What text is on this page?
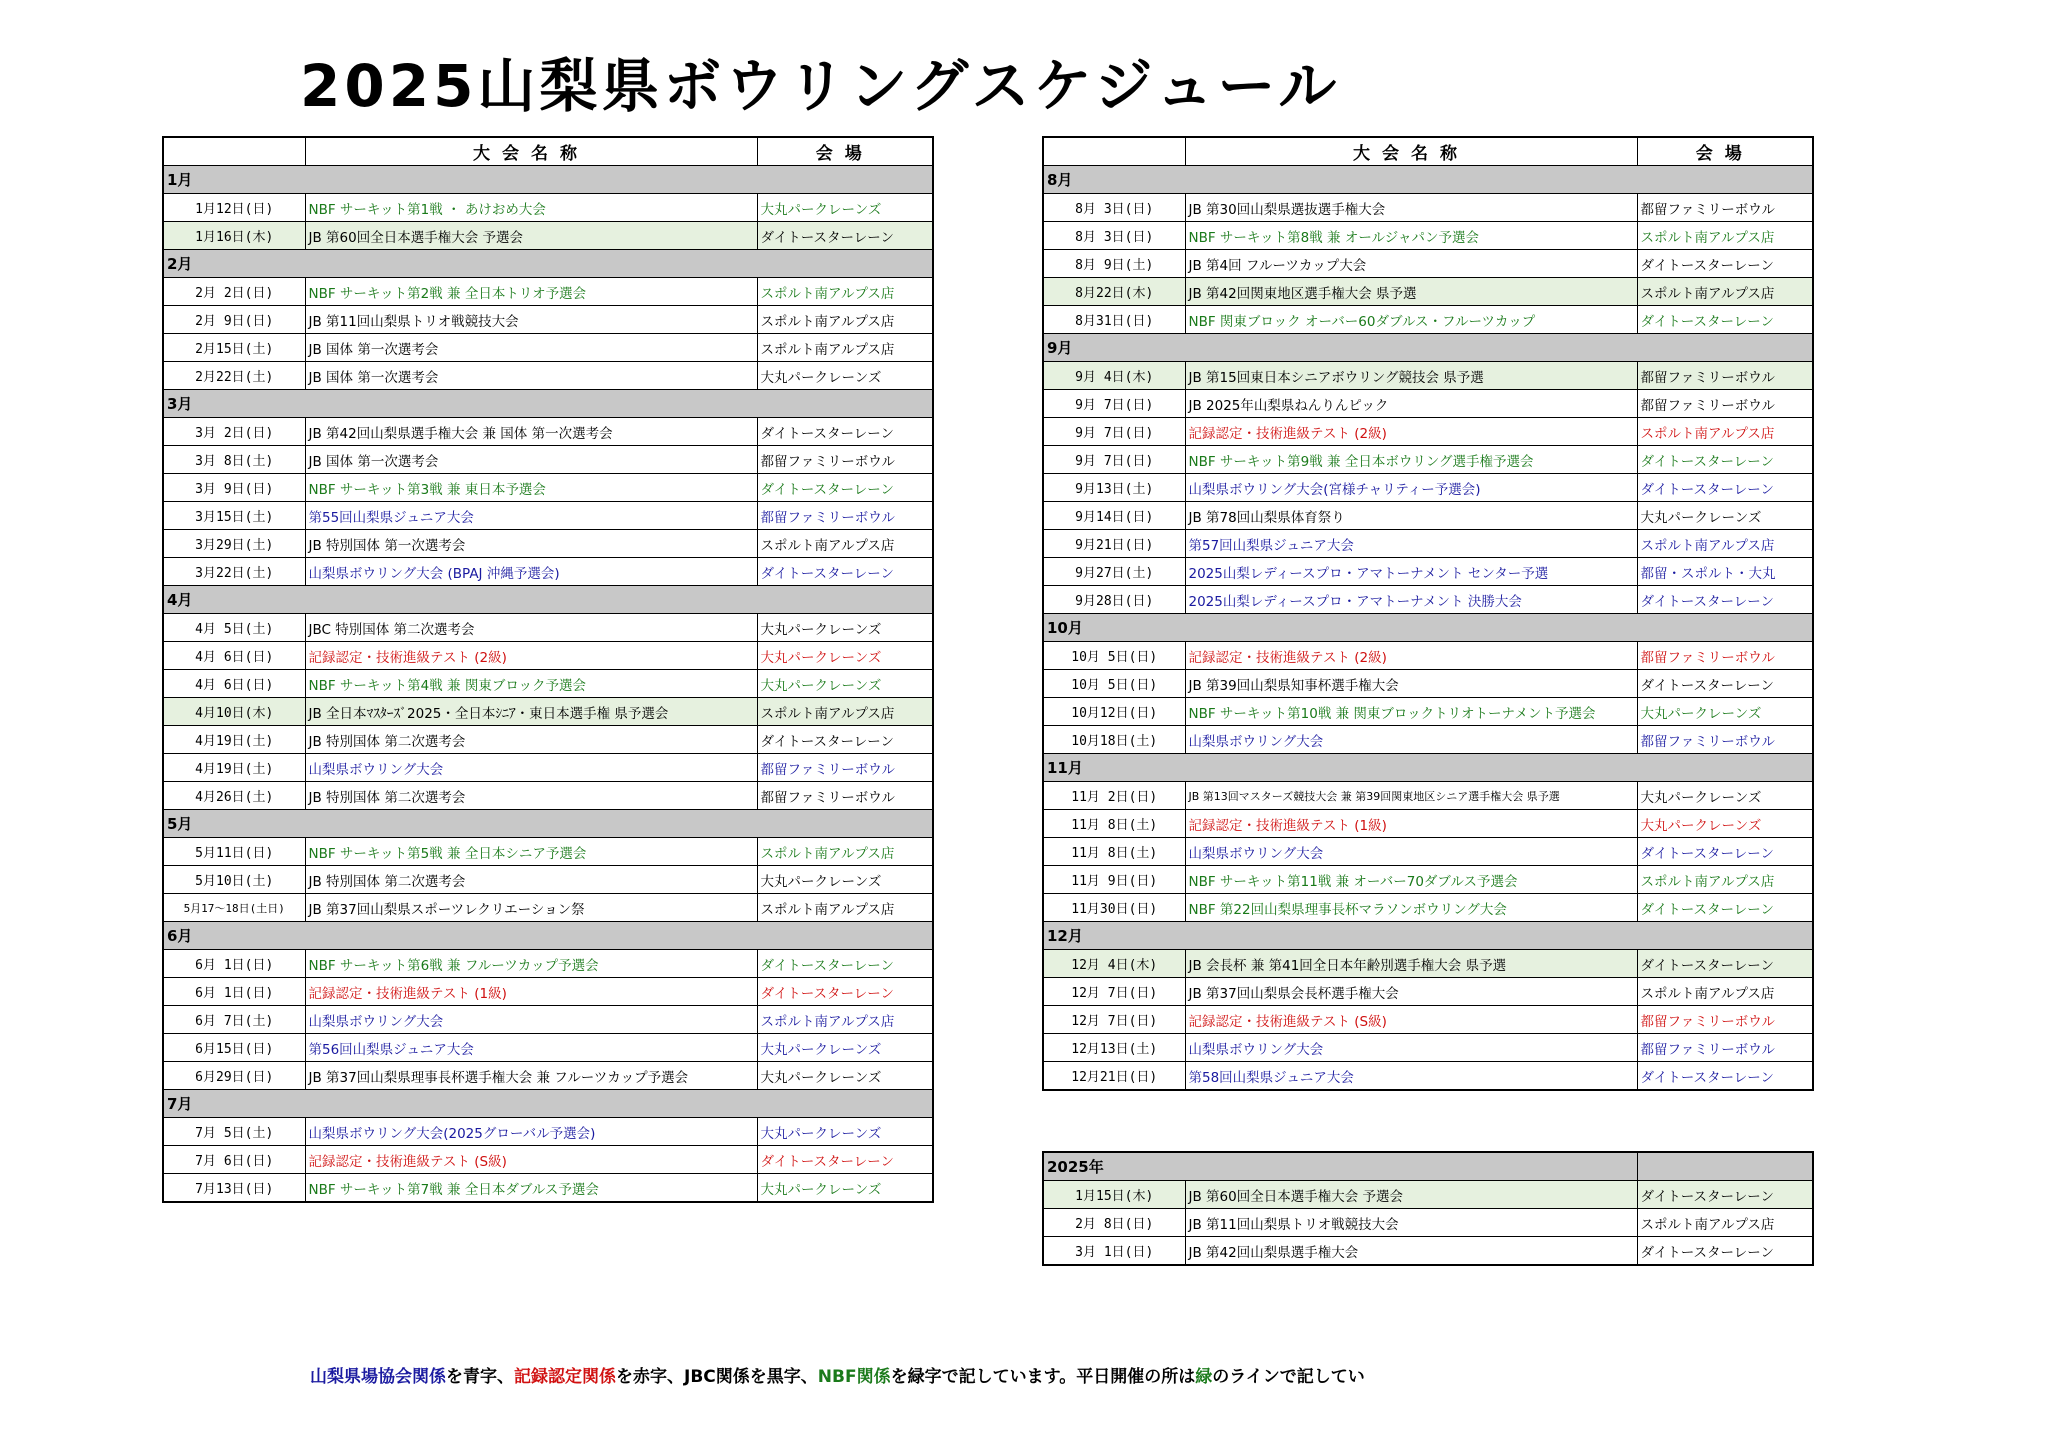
2025山梨県ボウリングスケジュール
	大会名称	会場
1月		
1月12日(日)	NBF サーキット第1戦 ・ あけおめ大会	大丸パークレーンズ
1月16日(木)	JB 第60回全日本選手権大会 予選会	ダイトースターレーン
2月		
2月 2日(日)	NBF サーキット第2戦 兼 全日本トリオ予選会	スポルト南アルプス店
2月 9日(日)	JB 第11回山梨県トリオ戦競技大会	スポルト南アルプス店
2月15日(土)	JB 国体 第一次選考会	スポルト南アルプス店
2月22日(土)	JB 国体 第一次選考会	大丸パークレーンズ
3月		
3月 2日(日)	JB 第42回山梨県選手権大会 兼 国体 第一次選考会	ダイトースターレーン
3月 8日(土)	JB 国体 第一次選考会	都留ファミリーボウル
3月 9日(日)	NBF サーキット第3戦 兼 東日本予選会	ダイトースターレーン
3月15日(土)	第55回山梨県ジュニア大会	都留ファミリーボウル
3月29日(土)	JB 特別国体 第一次選考会	スポルト南アルプス店
3月22日(土)	山梨県ボウリング大会 (BPAJ 沖縄予選会)	ダイトースターレーン
4月		
4月 5日(土)	JBC 特別国体 第二次選考会	大丸パークレーンズ
4月 6日(日)	記録認定・技術進級テスト (2級)	大丸パークレーンズ
4月 6日(日)	NBF サーキット第4戦 兼 関東ブロック予選会	大丸パークレーンズ
4月10日(木)	JB 全日本ﾏｽﾀｰｽﾞ2025・全日本ｼﾆｱ・東日本選手権 県予選会	スポルト南アルプス店
4月19日(土)	JB 特別国体 第二次選考会	ダイトースターレーン
4月19日(土)	山梨県ボウリング大会	都留ファミリーボウル
4月26日(土)	JB 特別国体 第二次選考会	都留ファミリーボウル
5月		
5月11日(日)	NBF サーキット第5戦 兼 全日本シニア予選会	スポルト南アルプス店
5月10日(土)	JB 特別国体 第二次選考会	大丸パークレーンズ
5月17～18日(土日)	JB 第37回山梨県スポーツレクリエーション祭	スポルト南アルプス店
6月		
6月 1日(日)	NBF サーキット第6戦 兼 フルーツカップ予選会	ダイトースターレーン
6月 1日(日)	記録認定・技術進級テスト (1級)	ダイトースターレーン
6月 7日(土)	山梨県ボウリング大会	スポルト南アルプス店
6月15日(日)	第56回山梨県ジュニア大会	大丸パークレーンズ
6月29日(日)	JB 第37回山梨県理事長杯選手権大会 兼 フルーツカップ予選会	大丸パークレーンズ
7月		
7月 5日(土)	山梨県ボウリング大会(2025グローバル予選会)	大丸パークレーンズ
7月 6日(日)	記録認定・技術進級テスト (S級)	ダイトースターレーン
7月13日(日)	NBF サーキット第7戦 兼 全日本ダブルス予選会	大丸パークレーンズ
	大会名称	会場
8月		
8月 3日(日)	JB 第30回山梨県選抜選手権大会	都留ファミリーボウル
8月 3日(日)	NBF サーキット第8戦 兼 オールジャパン予選会	スポルト南アルプス店
8月 9日(土)	JB 第4回 フルーツカップ大会	ダイトースターレーン
8月22日(木)	JB 第42回関東地区選手権大会 県予選	スポルト南アルプス店
8月31日(日)	NBF 関東ブロック オーバー60ダブルス・フルーツカップ	ダイトースターレーン
9月		
9月 4日(木)	JB 第15回東日本シニアボウリング競技会 県予選	都留ファミリーボウル
9月 7日(日)	JB 2025年山梨県ねんりんピック	都留ファミリーボウル
9月 7日(日)	記録認定・技術進級テスト (2級)	スポルト南アルプス店
9月 7日(日)	NBF サーキット第9戦 兼 全日本ボウリング選手権予選会	ダイトースターレーン
9月13日(土)	山梨県ボウリング大会(宮様チャリティー予選会)	ダイトースターレーン
9月14日(日)	JB 第78回山梨県体育祭り	大丸パークレーンズ
9月21日(日)	第57回山梨県ジュニア大会	スポルト南アルプス店
9月27日(土)	2025山梨レディースプロ・アマトーナメント センター予選	都留・スポルト・大丸
9月28日(日)	2025山梨レディースプロ・アマトーナメント 決勝大会	ダイトースターレーン
10月		
10月 5日(日)	記録認定・技術進級テスト (2級)	都留ファミリーボウル
10月 5日(日)	JB 第39回山梨県知事杯選手権大会	ダイトースターレーン
10月12日(日)	NBF サーキット第10戦 兼 関東ブロックトリオトーナメント予選会	大丸パークレーンズ
10月18日(土)	山梨県ボウリング大会	都留ファミリーボウル
11月		
11月 2日(日)	JB 第13回マスターズ競技大会 兼 第39回関東地区シニア選手権大会 県予選	大丸パークレーンズ
11月 8日(土)	記録認定・技術進級テスト (1級)	大丸パークレーンズ
11月 8日(土)	山梨県ボウリング大会	ダイトースターレーン
11月 9日(日)	NBF サーキット第11戦 兼 オーバー70ダブルス予選会	スポルト南アルプス店
11月30日(日)	NBF 第22回山梨県理事長杯マラソンボウリング大会	ダイトースターレーン
12月		
12月 4日(木)	JB 会長杯 兼 第41回全日本年齢別選手権大会 県予選	ダイトースターレーン
12月 7日(日)	JB 第37回山梨県会長杯選手権大会	スポルト南アルプス店
12月 7日(日)	記録認定・技術進級テスト (S級)	都留ファミリーボウル
12月13日(土)	山梨県ボウリング大会	都留ファミリーボウル
12月21日(日)	第58回山梨県ジュニア大会	ダイトースターレーン
2025年		
1月15日(木)	JB 第60回全日本選手権大会 予選会	ダイトースターレーン
2月 8日(日)	JB 第11回山梨県トリオ戦競技大会	スポルト南アルプス店
3月 1日(日)	JB 第42回山梨県選手権大会	ダイトースターレーン
山梨県場協会関係を青字、記録認定関係を赤字、JBC関係を黒字、NBF関係を緑字で記しています。平日開催の所は緑のラインで記してい
